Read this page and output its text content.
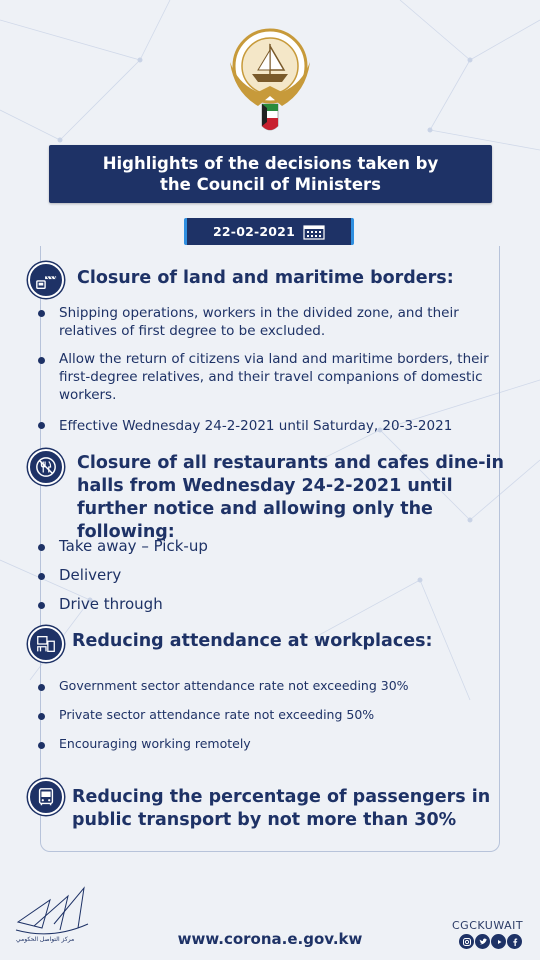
Highlights of the decisions taken by the Council of Ministers
22-02-2021
Closure of land and maritime borders:
Shipping operations, workers in the divided zone, and their relatives of first degree to be excluded.
Allow the return of citizens via land and maritime borders, their first-degree relatives, and their travel companions of domestic workers.
Effective Wednesday 24-2-2021 until Saturday, 20-3-2021
Closure of all restaurants and cafes dine-in halls from Wednesday 24-2-2021 until further notice and allowing only the following:
Take away – Pick-up
Delivery
Drive through
Reducing attendance at workplaces:
Government sector attendance rate not exceeding 30%
Private sector attendance rate not exceeding 50%
Encouraging working remotely
Reducing the percentage of passengers in public transport by not more than 30%
مركز التواصل الحكومي	www.corona.e.gov.kw
CGCKUWAIT
